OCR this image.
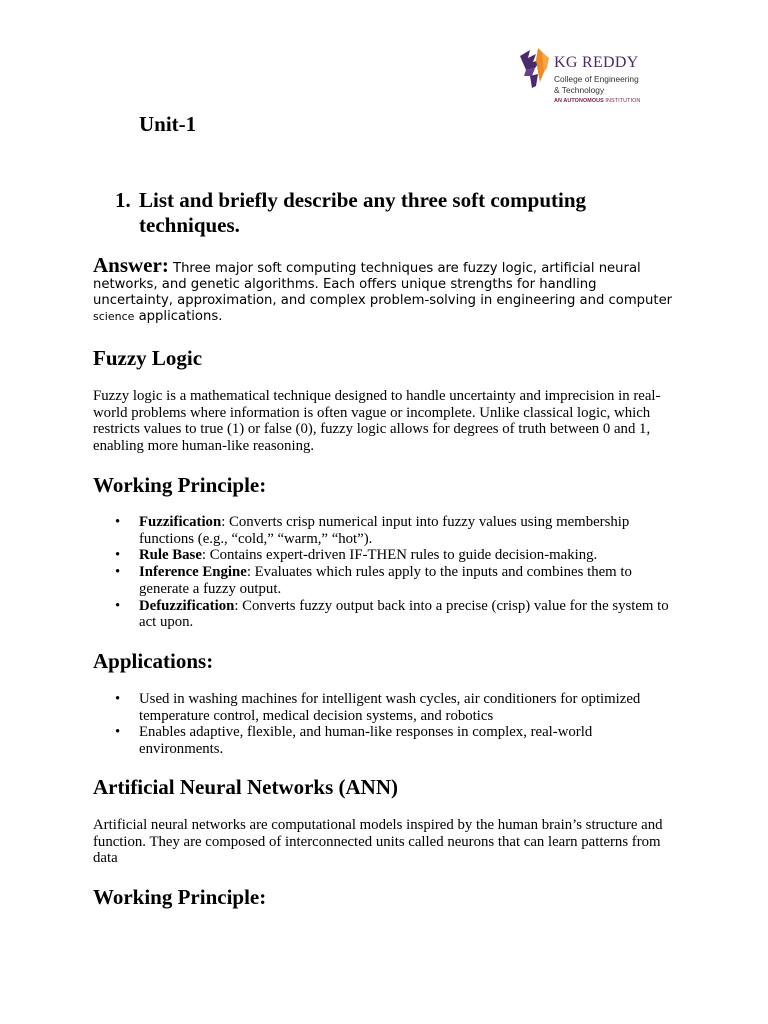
KG REDDY
College of Engineering
& Technology
AN AUTONOMOUS INSTITUTION
Unit-1
1. List and briefly describe any three soft computing techniques.

Answer: Three major soft computing techniques are fuzzy logic, artificial neural networks, and genetic algorithms. Each offers unique strengths for handling uncertainty, approximation, and complex problem-solving in engineering and computer science applications.

Fuzzy Logic

Fuzzy logic is a mathematical technique designed to handle uncertainty and imprecision in real-world problems where information is often vague or incomplete. Unlike classical logic, which restricts values to true (1) or false (0), fuzzy logic allows for degrees of truth between 0 and 1, enabling more human-like reasoning.

Working Principle:
• Fuzzification: Converts crisp numerical input into fuzzy values using membership functions (e.g., “cold,” “warm,” “hot”).
• Rule Base: Contains expert-driven IF-THEN rules to guide decision-making.
• Inference Engine: Evaluates which rules apply to the inputs and combines them to generate a fuzzy output.
• Defuzzification: Converts fuzzy output back into a precise (crisp) value for the system to act upon.
Applications:
• Used in washing machines for intelligent wash cycles, air conditioners for optimized temperature control, medical decision systems, and robotics
• Enables adaptive, flexible, and human-like responses in complex, real-world environments.
Artificial Neural Networks (ANN)

Artificial neural networks are computational models inspired by the human brain’s structure and function. They are composed of interconnected units called neurons that can learn patterns from data

Working Principle:
